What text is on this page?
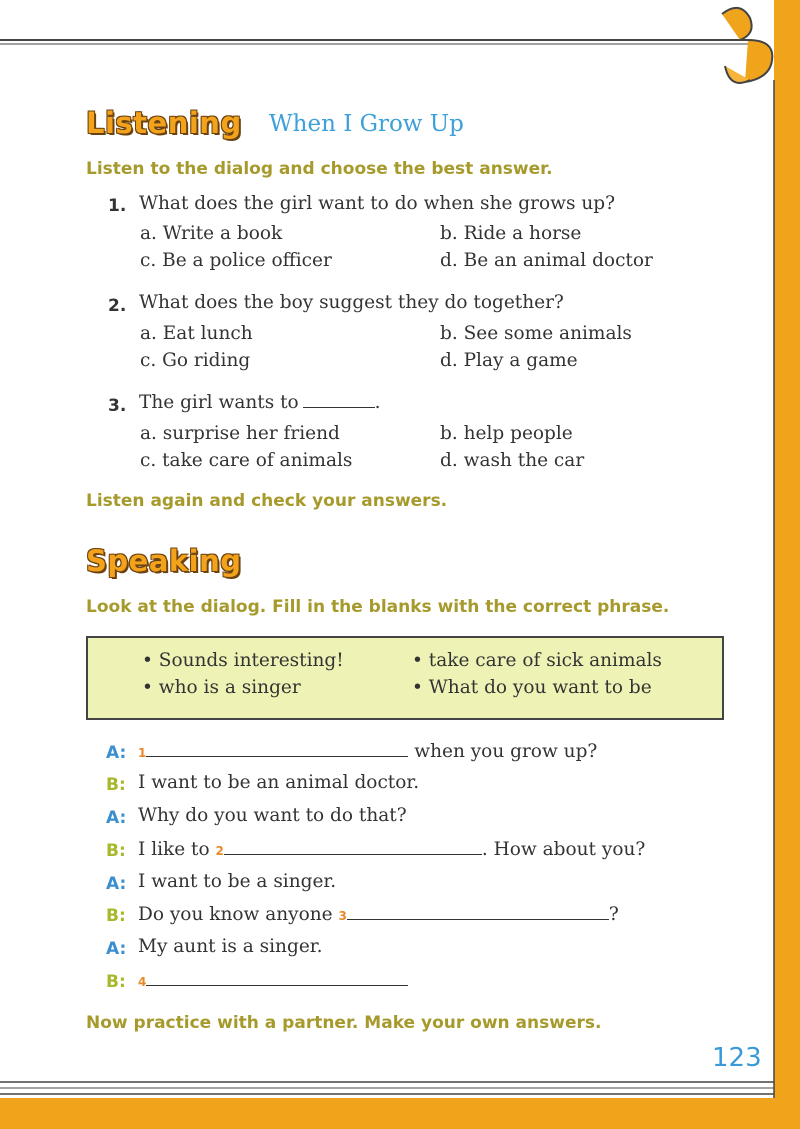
Listening When I Grow Up
Listen to the dialog and choose the best answer.
1. What does the girl want to do when she grows up?
a. Write a book	b. Ride a horse
c. Be a police officer	d. Be an animal doctor
2. What does the boy suggest they do together?
a. Eat lunch	b. See some animals
c. Go riding	d. Play a game
3. The girl wants to	.
a. surprise her friend	b. help people
c. take care of animals	d. wash the car
Listen again and check your answers.
Speaking
Look at the dialog. Fill in the blanks with the correct phrase.
• Sounds interesting!	• take care of sick animals
• who is a singer	• What do you want to be
A: 1	when you grow up?
B: I want to be an animal doctor.
A: Why do you want to do that?
B: I like to 2	. How about you?
A: I want to be a singer.
B: Do you know anyone 3	?
A: My aunt is a singer.
B: 4
Now practice with a partner. Make your own answers.
123
